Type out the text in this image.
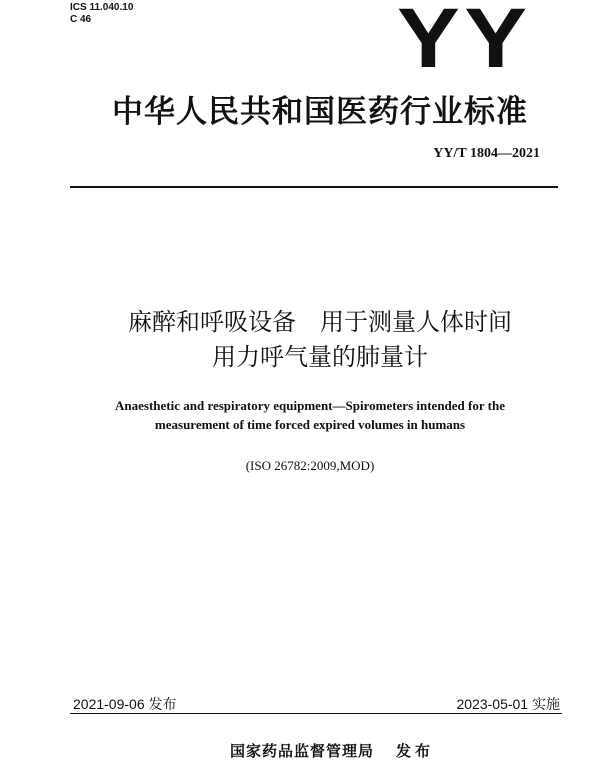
ICS 11.040.10
C 46	YY
中华人民共和国医药行业标准
YY/T 1804—2021
麻醉和呼吸设备　用于测量人体时间
用力呼气量的肺量计
Anaesthetic and respiratory equipment—Spirometers intended for the
measurement of time forced expired volumes in humans
(ISO 26782:2009,MOD)
2021-09-06 发布	2023-05-01 实施
国家药品监督管理局 发布
